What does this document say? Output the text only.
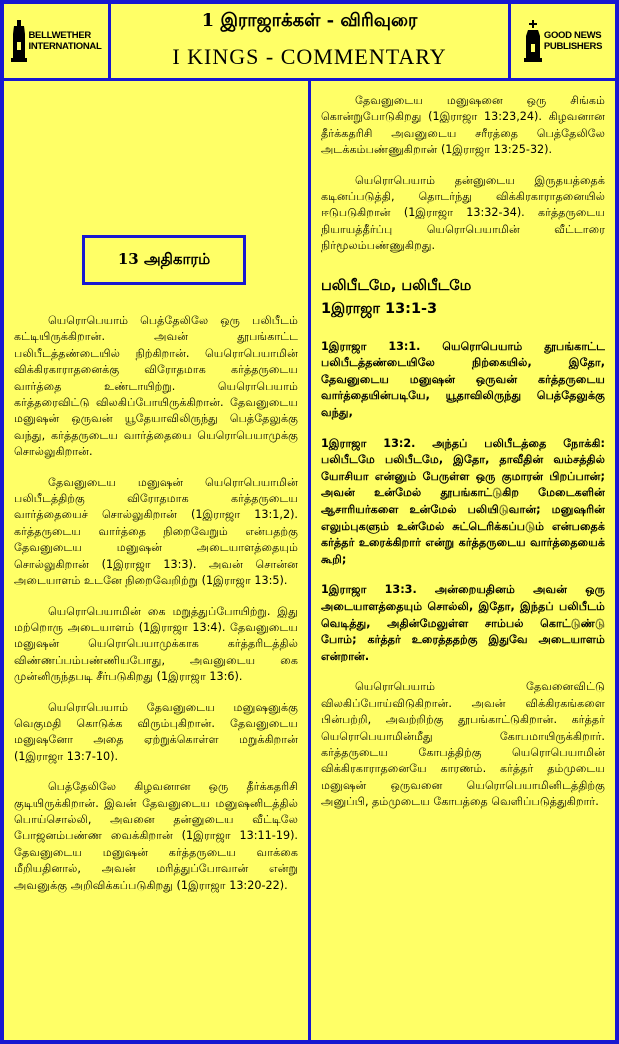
BELLWETHER
INTERNATIONAL
1 இராஜாக்கள் - விரிவுரை
I KINGS - COMMENTARY
GOOD NEWS
PUBLISHERS
13 அதிகாரம்

யெரொபெயாம் பெத்தேலிலே ஒரு பலிபீடம் கட்டியிருக்கிறான். அவன் தூபங்காட்ட பலிபீடத்தண்டையில் நிற்கிறான். யெரொபெயாமின் விக்கிரகாராதனைக்கு விரோதமாக கர்த்தருடைய வார்த்தை உண்டாயிற்று. யெரொபெயாம் கர்த்தரைவிட்டு விலகிப்போயிருக்கிறான். தேவனுடைய மனுஷன் ஒருவன் யூதேயாவிலிருந்து பெத்தேலுக்கு வந்து, கர்த்தருடைய வார்த்தையை யெரொபெயாமுக்கு சொல்லுகிறான்.

தேவனுடைய மனுஷன் யெரொபெயாமின் பலிபீடத்திற்கு விரோதமாக கர்த்தருடைய வார்த்தையைச் சொல்லுகிறான் (1இராஜா 13:1,2). கர்த்தருடைய வார்த்தை நிறைவேறும் என்பதற்கு தேவனுடைய மனுஷன் அடையாளத்தையும் சொல்லுகிறான் (1இராஜா 13:3). அவன் சொன்ன அடையாளம் உடனே நிறைவேறிற்று (1இராஜா 13:5).

யெரொபெயாமின் கை மறுத்துப்போயிற்று. இது மற்றொரு அடையாளம் (1இராஜா 13:4). தேவனுடைய மனுஷன் யெரொபெயாமுக்காக கர்த்தரிடத்தில் விண்ணப்பம்பண்ணியபோது, அவனுடைய கை முன்னிருந்தபடி சீர்படுகிறது (1இராஜா 13:6).

யெரொபெயாம் தேவனுடைய மனுஷனுக்கு வெகுமதி கொடுக்க விரும்புகிறான். தேவனுடைய மனுஷனோ அதை ஏற்றுக்கொள்ள மறுக்கிறான் (1இராஜா 13:7-10).

பெத்தேலிலே கிழவனான ஒரு தீர்க்கதரிசி குடியிருக்கிறான். இவன் தேவனுடைய மனுஷனிடத்தில் பொய்சொல்லி, அவனை தன்னுடைய வீட்டிலே போஜனம்பண்ண வைக்கிறான் (1இராஜா 13:11-19). தேவனுடைய மனுஷன் கர்த்தருடைய வாக்கை மீறியதினால், அவன் மரித்துப்போவான் என்று அவனுக்கு அறிவிக்கப்படுகிறது (1இராஜா 13:20-22).

தேவனுடைய மனுஷனை ஒரு சிங்கம் கொன்றுபோடுகிறது (1இராஜா 13:23,24). கிழவனான தீர்க்கதரிசி அவனுடைய சரீரத்தை பெத்தேலிலே அடக்கம்பண்ணுகிறான் (1இராஜா 13:25-32).

யெரொபெயாம் தன்னுடைய இருதயத்தைக் கடினப்படுத்தி, தொடர்ந்து விக்கிரகாராதனையில் ஈடுபடுகிறான் (1இராஜா 13:32-34). கர்த்தருடைய நியாயத்தீர்ப்பு யெரொபெயாமின் வீட்டாரை நிர்மூலம்பண்ணுகிறது.

பலிபீடமே, பலிபீடமே

1இராஜா 13:1-3

1இராஜா 13:1. யெரொபெயாம் தூபங்காட்ட பலிபீடத்தண்டையிலே நிற்கையில், இதோ, தேவனுடைய மனுஷன் ஒருவன் கர்த்தருடைய வார்த்தையின்படியே, யூதாவிலிருந்து பெத்தேலுக்கு வந்து,

1இராஜா 13:2. அந்தப் பலிபீடத்தை நோக்கி: பலிபீடமே பலிபீடமே, இதோ, தாவீதின் வம்சத்தில் யோசியா என்னும் பேருள்ள ஒரு குமாரன் பிறப்பான்; அவன் உன்மேல் தூபங்காட்டுகிற மேடைகளின் ஆசாரியர்களை உன்மேல் பலியிடுவான்; மனுஷரின் எலும்புகளும் உன்மேல் சுட்டெரிக்கப்படும் என்பதைக் கர்த்தர் உரைக்கிறார் என்று கர்த்தருடைய வார்த்தையைக் கூறி;

1இராஜா 13:3. அன்றையதினம் அவன் ஒரு அடையாளத்தையும் சொல்லி, இதோ, இந்தப் பலிபீடம் வெடித்து, அதின்மேலுள்ள சாம்பல் கொட்டுண்டு போம்; கர்த்தர் உரைத்ததற்கு இதுவே அடையாளம் என்றான்.

யெரொபெயாம் தேவனைவிட்டு விலகிப்போய்விடுகிறான். அவன் விக்கிரகங்களை பின்பற்றி, அவற்றிற்கு தூபங்காட்டுகிறான். கர்த்தர் யெரொபெயாமின்மீது கோபமாயிருக்கிறார். கர்த்தருடைய கோபத்திற்கு யெரொபெயாமின் விக்கிரகாராதனையே காரணம். கர்த்தர் தம்முடைய மனுஷன் ஒருவனை யெரொபெயாமினிடத்திற்கு அனுப்பி, தம்முடைய கோபத்தை வெளிப்படுத்துகிறார்.
